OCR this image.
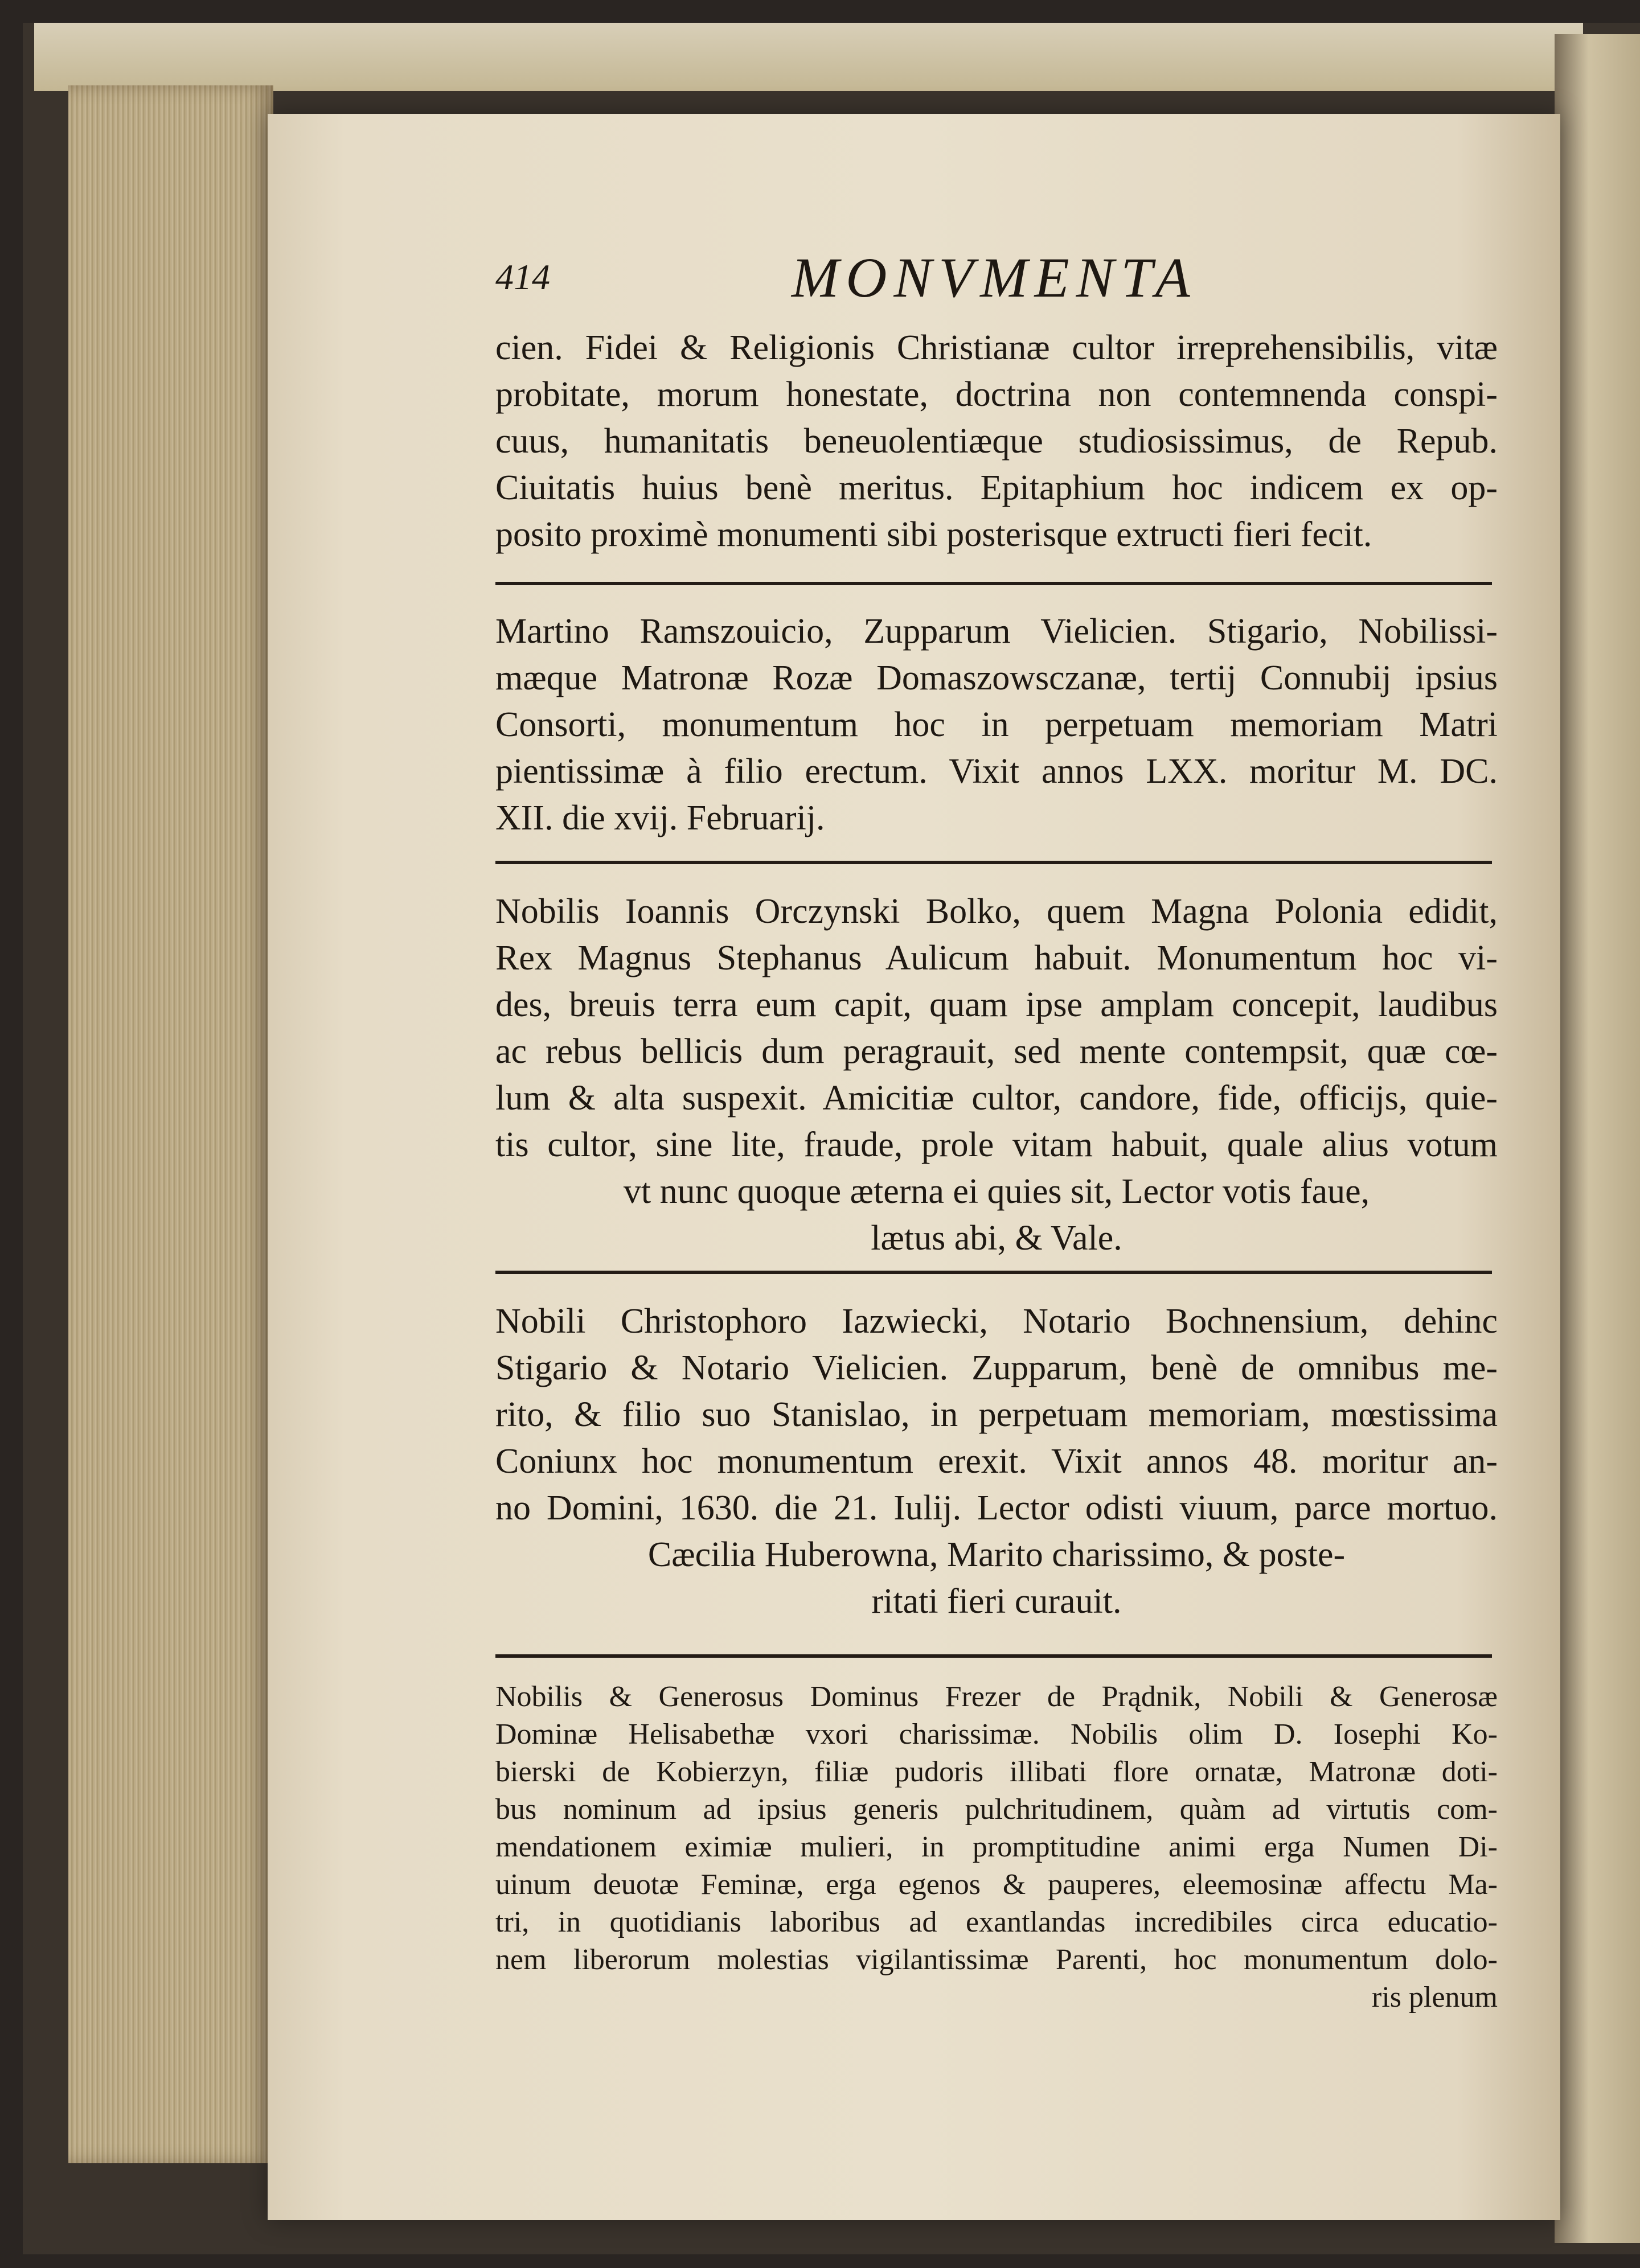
414	MONVMENTA
cien. Fidei & Religionis Christianæ cultor irreprehensibilis, vitæ
probitate, morum honestate, doctrina non contemnenda conspi-
cuus, humanitatis beneuolentiæque studiosissimus, de Repub.
Ciuitatis huius benè meritus. Epitaphium hoc indicem ex op-
posito proximè monumenti sibi posterisque extructi fieri fecit.
Martino Ramszouicio, Zupparum Vielicien. Stigario, Nobilissi-
mæque Matronæ Rozæ Domaszowsczanæ, tertij Connubij ipsius
Consorti, monumentum hoc in perpetuam memoriam Matri
pientissimæ à filio erectum. Vixit annos LXX. moritur M. DC.
XII. die xvij. Februarij.
Nobilis Ioannis Orczynski Bolko, quem Magna Polonia edidit,
Rex Magnus Stephanus Aulicum habuit. Monumentum hoc vi-
des, breuis terra eum capit, quam ipse amplam concepit, laudibus
ac rebus bellicis dum peragrauit, sed mente contempsit, quæ cœ-
lum & alta suspexit. Amicitiæ cultor, candore, fide, officijs, quie-
tis cultor, sine lite, fraude, prole vitam habuit, quale alius votum
vt nunc quoque æterna ei quies sit, Lector votis faue,
lætus abi, & Vale.
Nobili Christophoro Iazwiecki, Notario Bochnensium, dehinc
Stigario & Notario Vielicien. Zupparum, benè de omnibus me-
rito, & filio suo Stanislao, in perpetuam memoriam, mœstissima
Coniunx hoc monumentum erexit. Vixit annos 48. moritur an-
no Domini, 1630. die 21. Iulij. Lector odisti viuum, parce mortuo.
Cæcilia Huberowna, Marito charissimo, & poste-
ritati fieri curauit.
Nobilis & Generosus Dominus Frezer de Prądnik, Nobili & Generosæ
Dominæ Helisabethæ vxori charissimæ. Nobilis olim D. Iosephi Ko-
bierski de Kobierzyn, filiæ pudoris illibati flore ornatæ, Matronæ doti-
bus nominum ad ipsius generis pulchritudinem, quàm ad virtutis com-
mendationem eximiæ mulieri, in promptitudine animi erga Numen Di-
uinum deuotæ Feminæ, erga egenos & pauperes, eleemosinæ affectu Ma-
tri, in quotidianis laboribus ad exantlandas incredibiles circa educatio-
nem liberorum molestias vigilantissimæ Parenti, hoc monumentum dolo-
ris plenum
